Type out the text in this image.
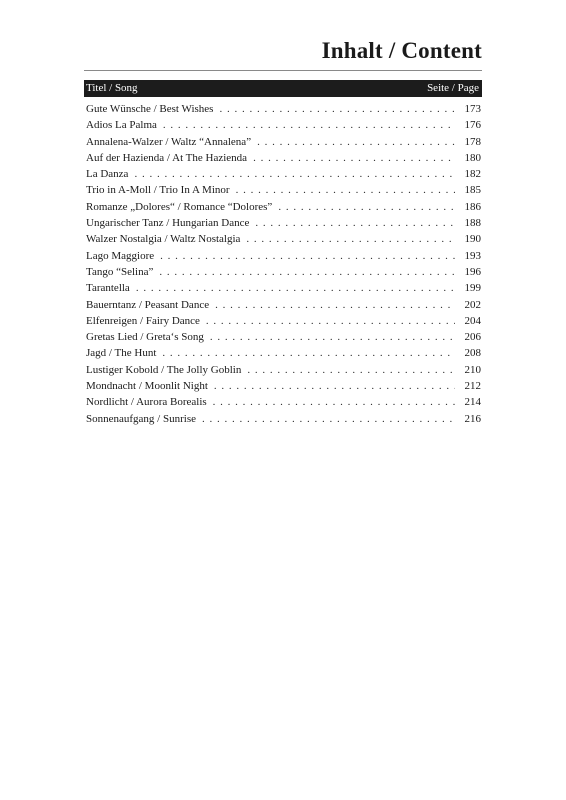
Inhalt / Content
Titel / Song	Seite / Page
Gute Wünsche / Best Wishes . . .	173
Adios La Palma . . .	176
Annalena-Walzer / Waltz “Annalena” . . .	178
Auf der Hazienda / At The Hazienda . . .	180
La Danza . . .	182
Trio in A-Moll / Trio In A Minor . . .	185
Romanze „Dolores“ / Romance “Dolores” . . .	186
Ungarischer Tanz / Hungarian Dance . . .	188
Walzer Nostalgia / Waltz Nostalgia . . .	190
Lago Maggiore . . .	193
Tango “Selina” . . .	196
Tarantella . . .	199
Bauerntanz / Peasant Dance . . .	202
Elfenreigen / Fairy Dance . . .	204
Gretas Lied / Greta‘s Song . . .	206
Jagd / The Hunt . . .	208
Lustiger Kobold / The Jolly Goblin . . .	210
Mondnacht / Moonlit Night . . .	212
Nordlicht / Aurora Borealis . . .	214
Sonnenaufgang / Sunrise . . .	216
